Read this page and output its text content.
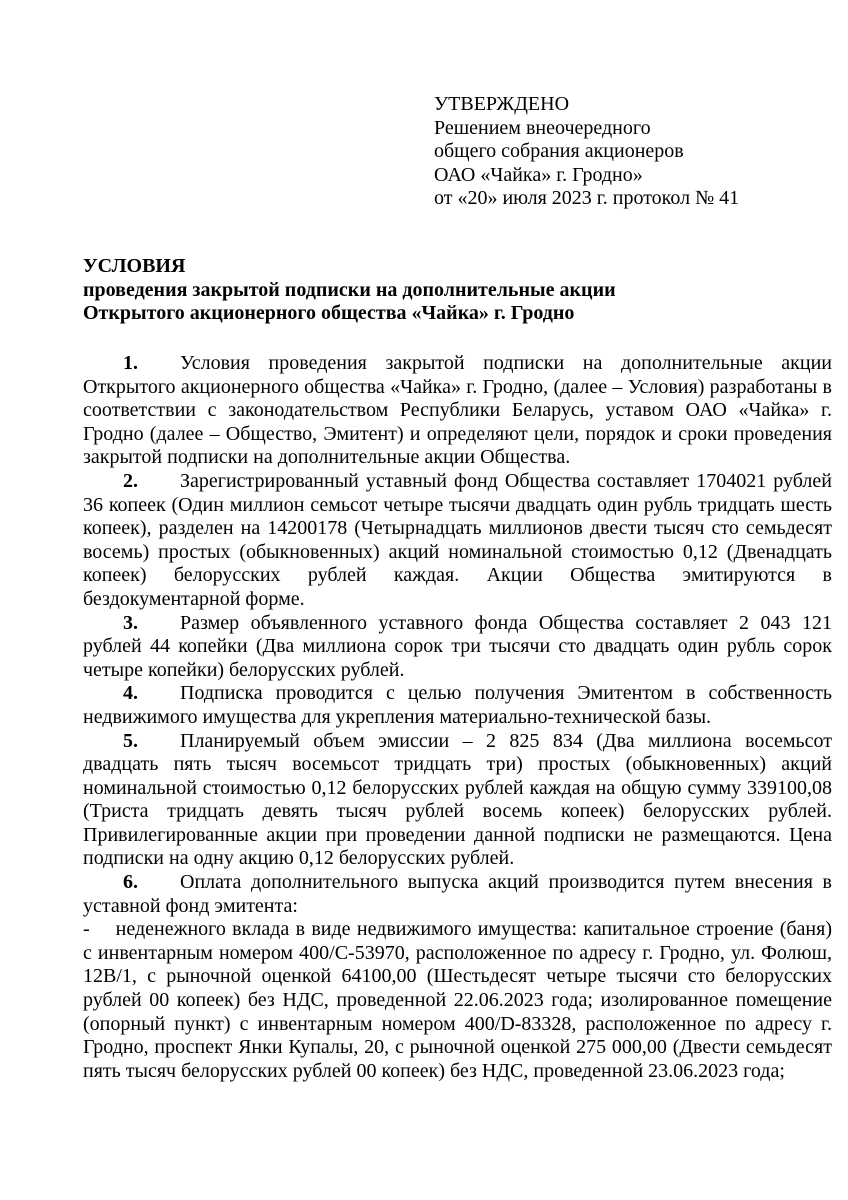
УТВЕРЖДЕНО
Решением внеочередного
общего собрания акционеров
ОАО «Чайка» г. Гродно»
от «20» июля 2023 г. протокол № 41
УСЛОВИЯ
проведения закрытой подписки на дополнительные акции
Открытого акционерного общества «Чайка» г. Гродно

1. Условия проведения закрытой подписки на дополнительные акции Открытого акционерного общества «Чайка» г. Гродно, (далее – Условия) разработаны в соответствии с законодательством Республики Беларусь, уставом ОАО «Чайка» г. Гродно (далее – Общество, Эмитент) и определяют цели, порядок и сроки проведения закрытой подписки на дополнительные акции Общества.

2. Зарегистрированный уставный фонд Общества составляет 1704021 рублей 36 копеек (Один миллион семьсот четыре тысячи двадцать один рубль тридцать шесть копеек), разделен на 14200178 (Четырнадцать миллионов двести тысяч сто семьдесят восемь) простых (обыкновенных) акций номинальной стоимостью 0,12 (Двенадцать копеек) белорусских рублей каждая. Акции Общества эмитируются в бездокументарной форме.

3. Размер объявленного уставного фонда Общества составляет 2 043 121 рублей 44 копейки (Два миллиона сорок три тысячи сто двадцать один рубль сорок четыре копейки) белорусских рублей.

4. Подписка проводится с целью получения Эмитентом в собственность недвижимого имущества для укрепления материально-технической базы.

5. Планируемый объем эмиссии – 2 825 834 (Два миллиона восемьсот двадцать пять тысяч восемьсот тридцать три) простых (обыкновенных) акций номинальной стоимостью 0,12 белорусских рублей каждая на общую сумму 339100,08 (Триста тридцать девять тысяч рублей восемь копеек) белорусских рублей. Привилегированные акции при проведении данной подписки не размещаются. Цена подписки на одну акцию 0,12 белорусских рублей.

6. Оплата дополнительного выпуска акций производится путем внесения в уставной фонд эмитента:

- неденежного вклада в виде недвижимого имущества: капитальное строение (баня) с инвентарным номером 400/С-53970, расположенное по адресу г. Гродно, ул. Фолюш, 12В/1, с рыночной оценкой 64100,00 (Шестьдесят четыре тысячи сто белорусских рублей 00 копеек) без НДС, проведенной 22.06.2023 года; изолированное помещение (опорный пункт) с инвентарным номером 400/D-83328, расположенное по адресу г. Гродно, проспект Янки Купалы, 20, с рыночной оценкой 275 000,00 (Двести семьдесят пять тысяч белорусских рублей 00 копеек) без НДС, проведенной 23.06.2023 года;
